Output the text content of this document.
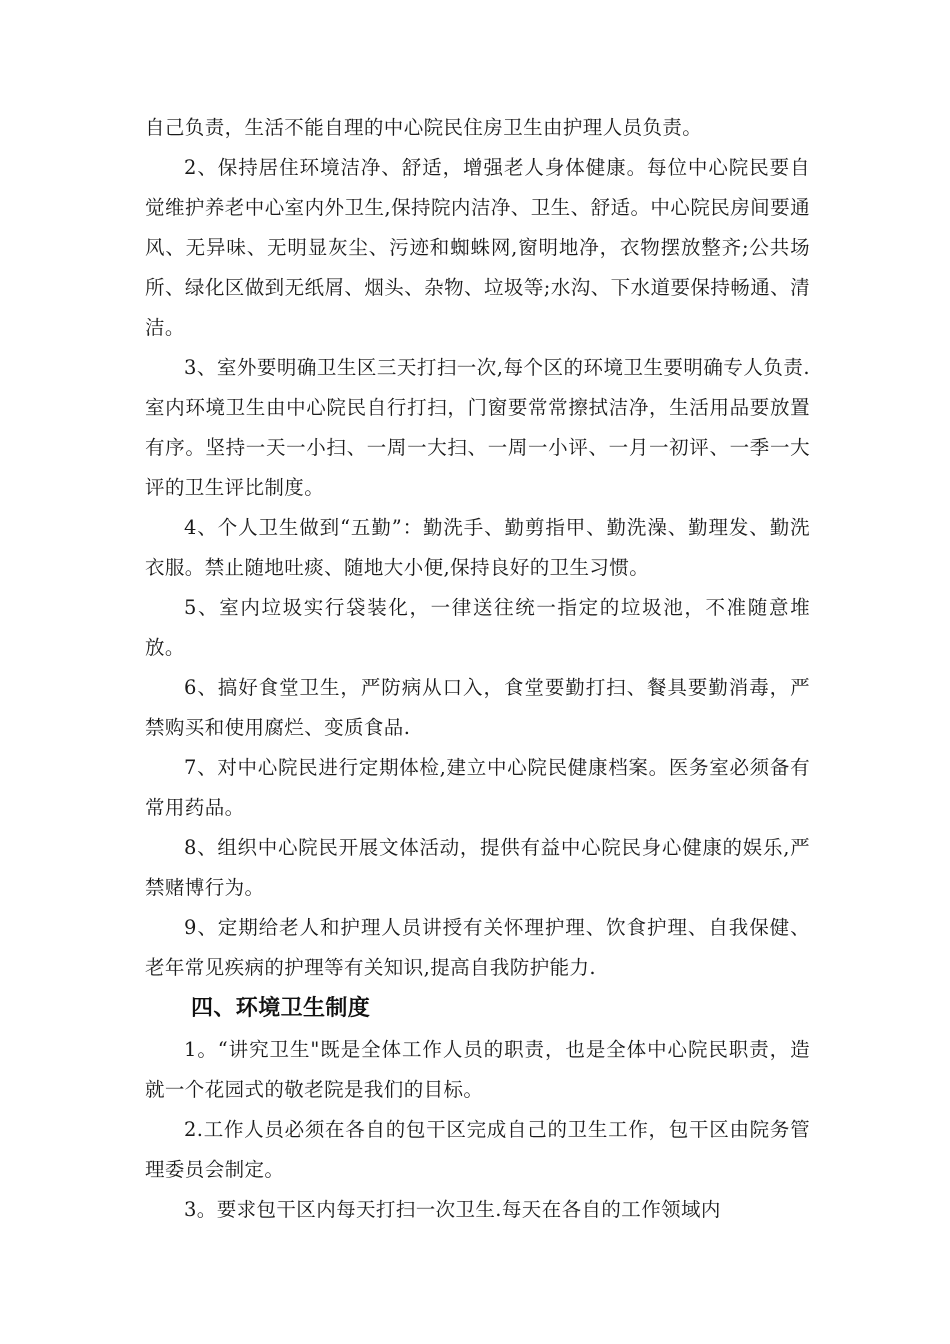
自己负责，生活不能自理的中心院民住房卫生由护理人员负责。

2、保持居住环境洁净、舒适，增强老人身体健康。每位中心院民要自觉维护养老中心室内外卫生,保持院内洁净、卫生、舒适。中心院民房间要通风、无异味、无明显灰尘、污迹和蜘蛛网,窗明地净，衣物摆放整齐;公共场所、绿化区做到无纸屑、烟头、杂物、垃圾等;水沟、下水道要保持畅通、清洁。

3、室外要明确卫生区三天打扫一次,每个区的环境卫生要明确专人负责.室内环境卫生由中心院民自行打扫，门窗要常常擦拭洁净，生活用品要放置有序。坚持一天一小扫、一周一大扫、一周一小评、一月一初评、一季一大评的卫生评比制度。

4、个人卫生做到“五勤”：勤洗手、勤剪指甲、勤洗澡、勤理发、勤洗衣服。禁止随地吐痰、随地大小便,保持良好的卫生习惯。

5、室内垃圾实行袋装化，一律送往统一指定的垃圾池，不准随意堆放。

6、搞好食堂卫生，严防病从口入，食堂要勤打扫、餐具要勤消毒，严禁购买和使用腐烂、变质食品.

7、对中心院民进行定期体检,建立中心院民健康档案。医务室必须备有常用药品。

8、组织中心院民开展文体活动，提供有益中心院民身心健康的娱乐,严禁赌博行为。

9、定期给老人和护理人员讲授有关怀理护理、饮食护理、自我保健、老年常见疾病的护理等有关知识,提高自我防护能力.

四、环境卫生制度

1。“讲究卫生"既是全体工作人员的职责，也是全体中心院民职责，造就一个花园式的敬老院是我们的目标。

2.工作人员必须在各自的包干区完成自己的卫生工作，包干区由院务管理委员会制定。

3。要求包干区内每天打扫一次卫生.每天在各自的工作领域内
